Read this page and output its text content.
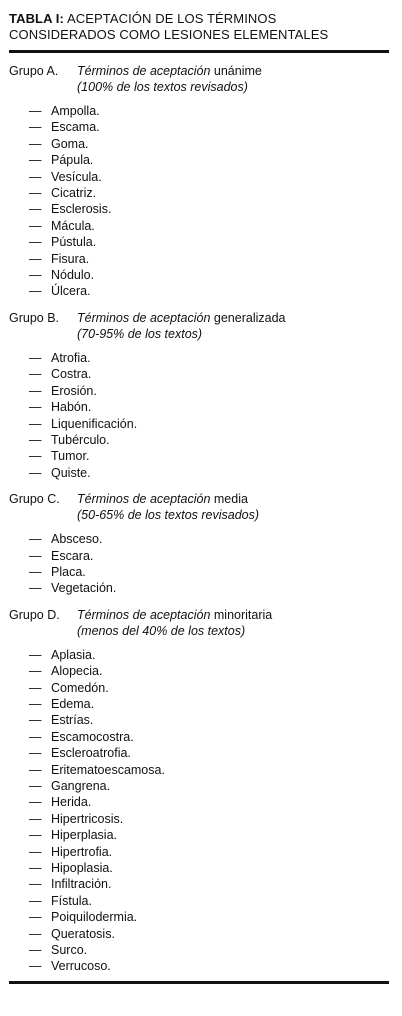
TABLA I: ACEPTACIÓN DE LOS TÉRMINOS
CONSIDERADOS COMO LESIONES ELEMENTALES
Grupo A.	Términos de aceptación unánime
(100% de los textos revisados)
— Ampolla.
— Escama.
— Goma.
— Pápula.
— Vesícula.
— Cicatriz.
— Esclerosis.
— Mácula.
— Pústula.
— Fisura.
— Nódulo.
— Úlcera.
Grupo B.	Términos de aceptación generalizada
(70-95% de los textos)
— Atrofia.
— Costra.
— Erosión.
— Habón.
— Liquenificación.
— Tubérculo.
— Tumor.
— Quiste.
Grupo C.	Términos de aceptación media
(50-65% de los textos revisados)
— Absceso.
— Escara.
— Placa.
— Vegetación.
Grupo D.	Términos de aceptación minoritaria
(menos del 40% de los textos)
— Aplasia.
— Alopecia.
— Comedón.
— Edema.
— Estrías.
— Escamocostra.
— Escleroatrofia.
— Eritematoescamosa.
— Gangrena.
— Herida.
— Hipertricosis.
— Hiperplasia.
— Hipertrofia.
— Hipoplasia.
— Infiltración.
— Fístula.
— Poiquilodermia.
— Queratosis.
— Surco.
— Verrucoso.
